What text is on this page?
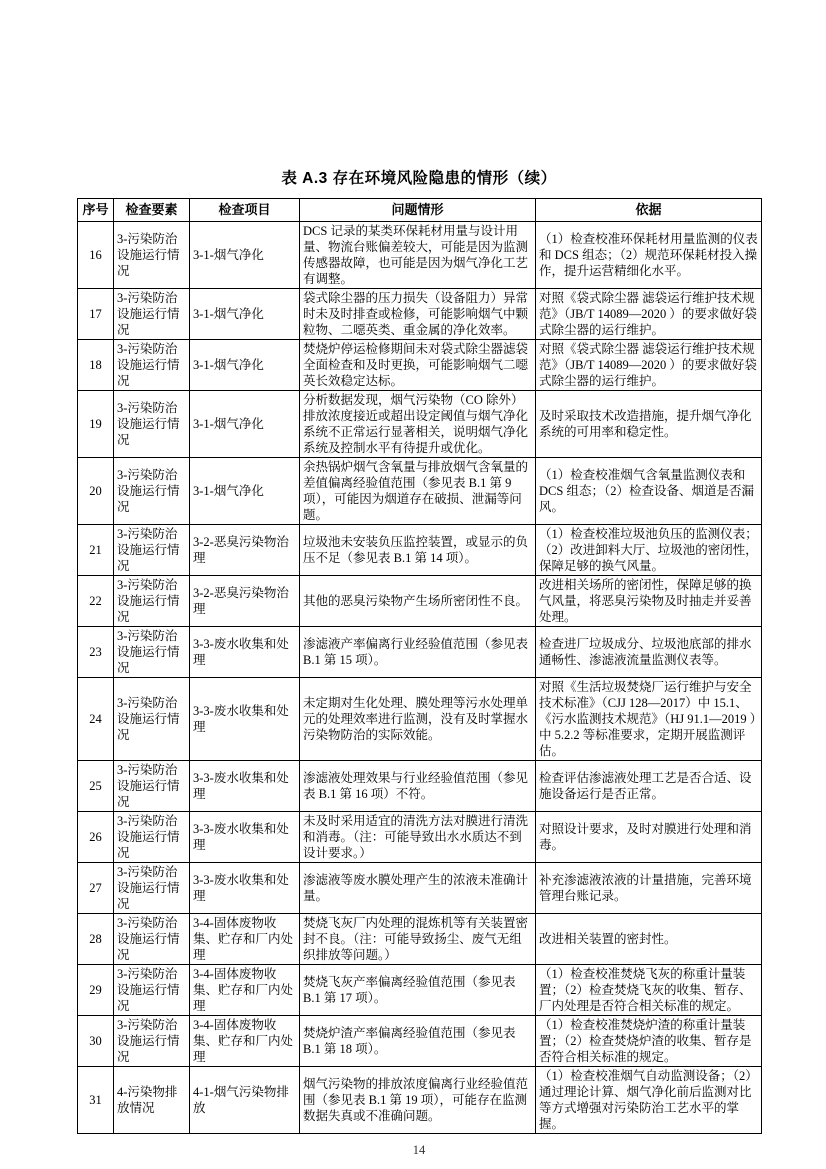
表 A.3 存在环境风险隐患的情形（续）
序号	检查要素	检查项目	问题情形	依据
16	3-污染防治设施运行情况	3-1-烟气净化	DCS 记录的某类环保耗材用量与设计用量、物流台账偏差较大，可能是因为监测传感器故障，也可能是因为烟气净化工艺有调整。	（1）检查校准环保耗材用量监测的仪表和 DCS 组态；（2）规范环保耗材投入操作，提升运营精细化水平。
17	3-污染防治设施运行情况	3-1-烟气净化	袋式除尘器的压力损失（设备阻力）异常时未及时排查或检修，可能影响烟气中颗粒物、二噁英类、重金属的净化效率。	对照《袋式除尘器 滤袋运行维护技术规范》（JB/T 14089—2020 ）的要求做好袋式除尘器的运行维护。
18	3-污染防治设施运行情况	3-1-烟气净化	焚烧炉停运检修期间未对袋式除尘器滤袋全面检查和及时更换，可能影响烟气二噁英长效稳定达标。	对照《袋式除尘器 滤袋运行维护技术规范》（JB/T 14089—2020 ）的要求做好袋式除尘器的运行维护。
19	3-污染防治设施运行情况	3-1-烟气净化	分析数据发现，烟气污染物（CO 除外）排放浓度接近或超出设定阈值与烟气净化系统不正常运行显著相关，说明烟气净化系统及控制水平有待提升或优化。	及时采取技术改造措施，提升烟气净化系统的可用率和稳定性。
20	3-污染防治设施运行情况	3-1-烟气净化	余热锅炉烟气含氧量与排放烟气含氧量的差值偏离经验值范围（参见表 B.1 第 9 项），可能因为烟道存在破损、泄漏等问题。	（1）检查校准烟气含氧量监测仪表和 DCS 组态；（2）检查设备、烟道是否漏风。
21	3-污染防治设施运行情况	3-2-恶臭污染物治理	垃圾池未安装负压监控装置，或显示的负压不足（参见表 B.1 第 14 项）。	（1）检查校准垃圾池负压的监测仪表；（2）改进卸料大厅、垃圾池的密闭性，保障足够的换气风量。
22	3-污染防治设施运行情况	3-2-恶臭污染物治理	其他的恶臭污染物产生场所密闭性不良。	改进相关场所的密闭性，保障足够的换气风量，将恶臭污染物及时抽走并妥善处理。
23	3-污染防治设施运行情况	3-3-废水收集和处理	渗滤液产率偏离行业经验值范围（参见表 B.1 第 15 项）。	检查进厂垃圾成分、垃圾池底部的排水通畅性、渗滤液流量监测仪表等。
24	3-污染防治设施运行情况	3-3-废水收集和处理	未定期对生化处理、膜处理等污水处理单元的处理效率进行监测，没有及时掌握水污染物防治的实际效能。	对照《生活垃圾焚烧厂运行维护与安全技术标准》（CJJ 128—2017）中 15.1、《污水监测技术规范》（HJ 91.1—2019 ）中 5.2.2 等标准要求，定期开展监测评估。
25	3-污染防治设施运行情况	3-3-废水收集和处理	渗滤液处理效果与行业经验值范围（参见表 B.1 第 16 项）不符。	检查评估渗滤液处理工艺是否合适、设施设备运行是否正常。
26	3-污染防治设施运行情况	3-3-废水收集和处理	未及时采用适宜的清洗方法对膜进行清洗和消毒。（注：可能导致出水水质达不到设计要求。）	对照设计要求，及时对膜进行处理和消毒。
27	3-污染防治设施运行情况	3-3-废水收集和处理	渗滤液等废水膜处理产生的浓液未准确计量。	补充渗滤液浓液的计量措施，完善环境管理台账记录。
28	3-污染防治设施运行情况	3-4-固体废物收集、贮存和厂内处理	焚烧飞灰厂内处理的混炼机等有关装置密封不良。（注：可能导致扬尘、废气无组织排放等问题。）	改进相关装置的密封性。
29	3-污染防治设施运行情况	3-4-固体废物收集、贮存和厂内处理	焚烧飞灰产率偏离经验值范围（参见表 B.1 第 17 项）。	（1）检查校准焚烧飞灰的称重计量装置；（2）检查焚烧飞灰的收集、暂存、厂内处理是否符合相关标准的规定。
30	3-污染防治设施运行情况	3-4-固体废物收集、贮存和厂内处理	焚烧炉渣产率偏离经验值范围（参见表 B.1 第 18 项）。	（1）检查校准焚烧炉渣的称重计量装置；（2）检查焚烧炉渣的收集、暂存是否符合相关标准的规定。
31	4-污染物排放情况	4-1-烟气污染物排放	烟气污染物的排放浓度偏离行业经验值范围（参见表 B.1 第 19 项），可能存在监测数据失真或不准确问题。	（1）检查校准烟气自动监测设备；（2）通过理论计算、烟气净化前后监测对比等方式增强对污染防治工艺水平的掌握。
14
